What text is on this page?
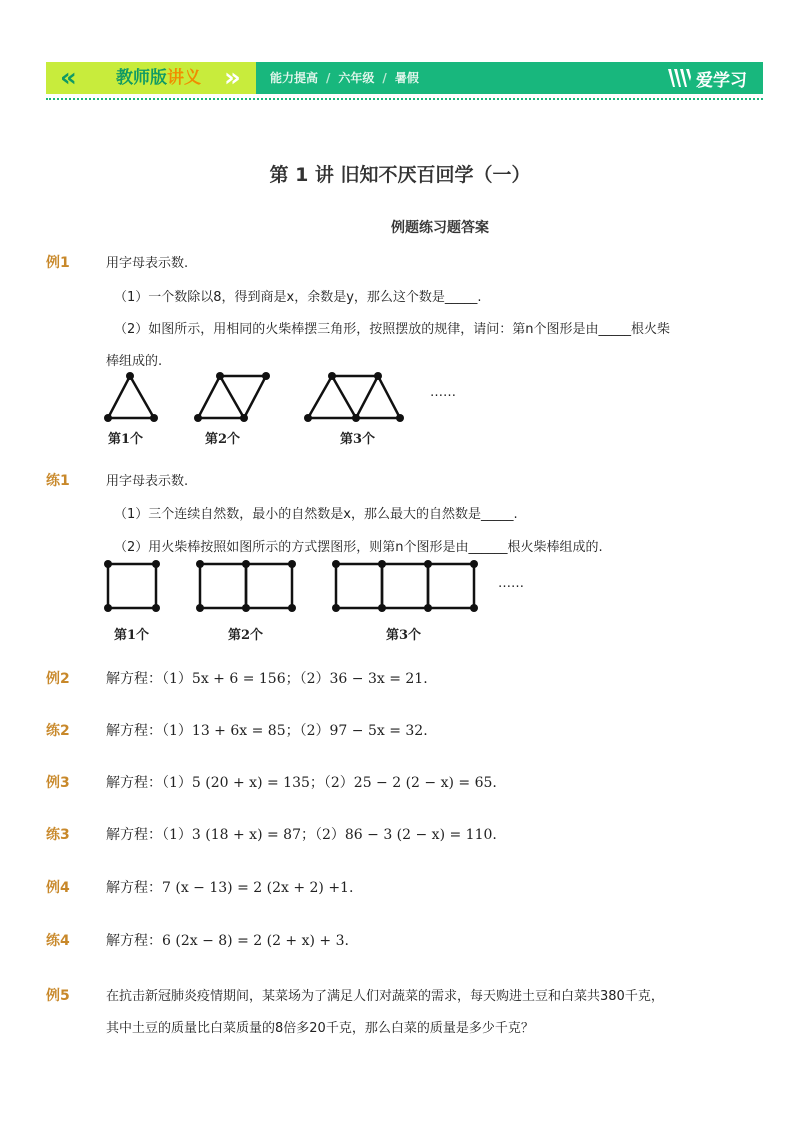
«	»
教师版讲义	能力提高 / 六年级 / 暑假	爱学习
第 1 讲 旧知不厌百回学（一）
例题练习题答案
例1	用字母表示数.
（1）一个数除以8，得到商是x，余数是y，那么这个数是_____.
（2）如图所示，用相同的火柴棒摆三角形，按照摆放的规律，请问：第n个图形是由_____根火柴
棒组成的.
第1个	第2个	第3个
……
练1	用字母表示数.
（1）三个连续自然数，最小的自然数是x，那么最大的自然数是_____.
（2）用火柴棒按照如图所示的方式摆图形，则第n个图形是由______根火柴棒组成的.
第1个	第2个	第3个
……
例2	解方程：（1）5x + 6 = 156；（2）36 − 3x = 21.
练2	解方程：（1）13 + 6x = 85；（2）97 − 5x = 32.
例3	解方程：（1）5 (20 + x) = 135；（2）25 − 2 (2 − x) = 65.
练3	解方程：（1）3 (18 + x) = 87；（2）86 − 3 (2 − x) = 110.
例4	解方程：7 (x − 13) = 2 (2x + 2) +1.
练4	解方程：6 (2x − 8) = 2 (2 + x) + 3.
例5	在抗击新冠肺炎疫情期间，某菜场为了满足人们对蔬菜的需求，每天购进土豆和白菜共380千克，
其中土豆的质量比白菜质量的8倍多20千克，那么白菜的质量是多少千克？
